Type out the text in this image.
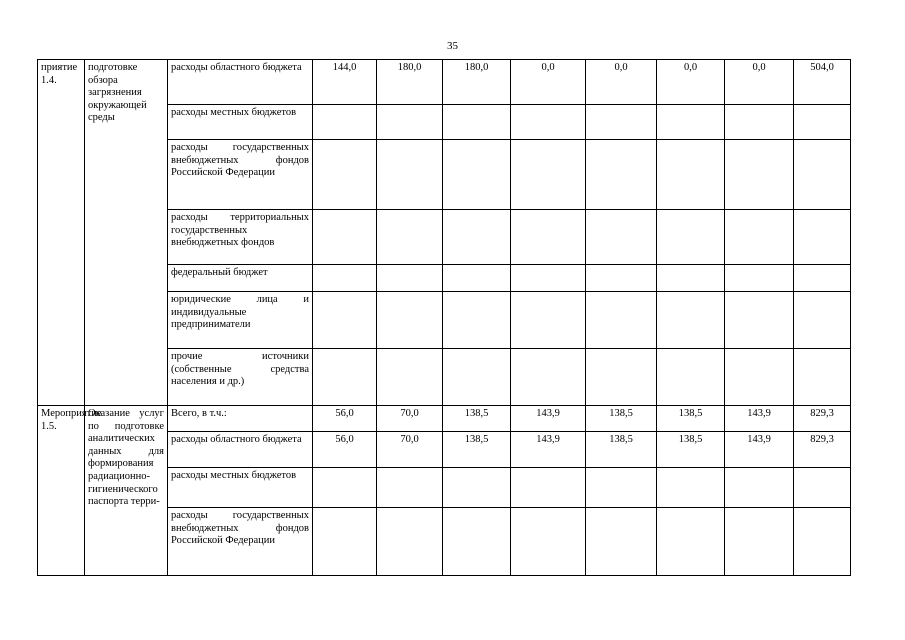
35
приятие 1.4.	подготовке обзора загрязнения окружающей среды	расходы областного бюджета	144,0	180,0	180,0	0,0	0,0	0,0	0,0	504,0
		расходы местных бюджетов								
		расходы государственных внебюджетных фондов Российской Федерации								
		расходы территориальных государственных внебюджетных фондов								
		федеральный бюджет								
		юридические лица и индивидуальные предприниматели								
		прочие источники (собственные средства населения и др.)								
Мероприятие 1.5.	Оказание услуг по подготовке аналитических данных для формирования радиационно-гигиенического паспорта терри-	Всего, в т.ч.:	56,0	70,0	138,5	143,9	138,5	138,5	143,9	829,3
		расходы областного бюджета	56,0	70,0	138,5	143,9	138,5	138,5	143,9	829,3
		расходы местных бюджетов								
		расходы государственных внебюджетных фондов Российской Федерации								
